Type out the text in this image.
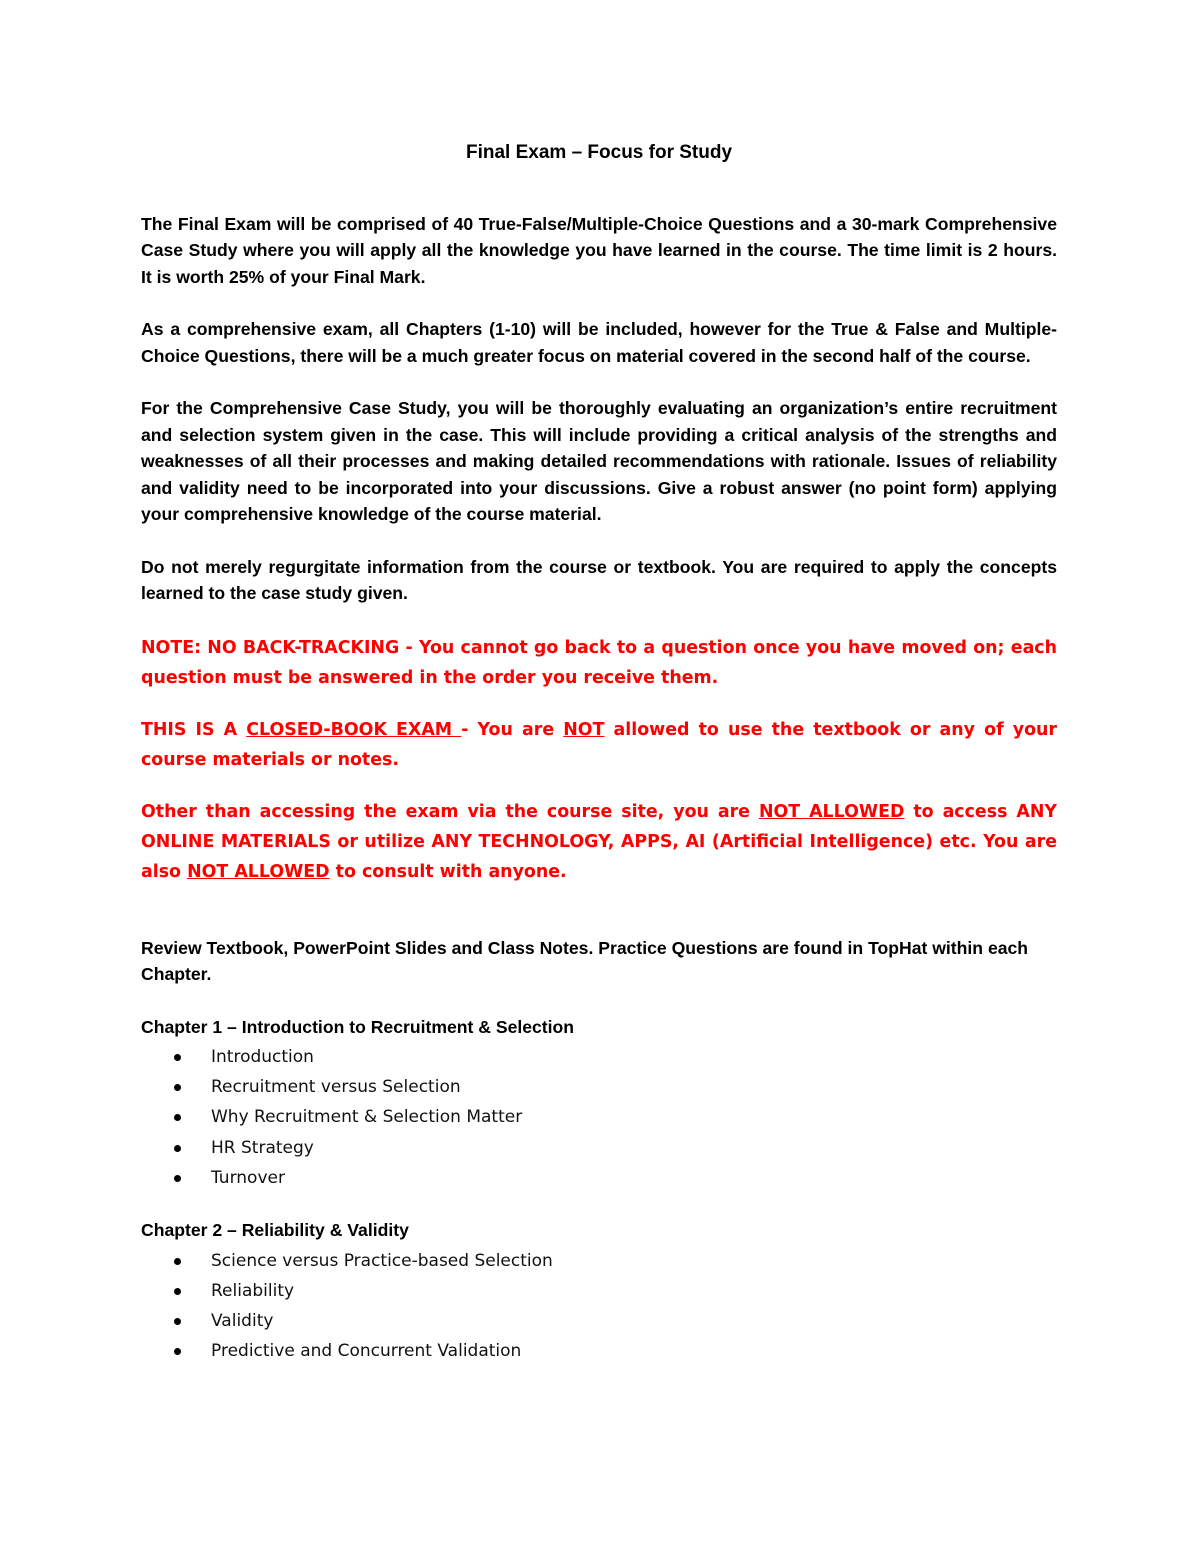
Final Exam – Focus for Study

The Final Exam will be comprised of 40 True-False/Multiple-Choice Questions and a 30-mark Comprehensive Case Study where you will apply all the knowledge you have learned in the course. The time limit is 2 hours. It is worth 25% of your Final Mark.

As a comprehensive exam, all Chapters (1-10) will be included, however for the True & False and Multiple-Choice Questions, there will be a much greater focus on material covered in the second half of the course.

For the Comprehensive Case Study, you will be thoroughly evaluating an organization’s entire recruitment and selection system given in the case. This will include providing a critical analysis of the strengths and weaknesses of all their processes and making detailed recommendations with rationale. Issues of reliability and validity need to be incorporated into your discussions. Give a robust answer (no point form) applying your comprehensive knowledge of the course material.

Do not merely regurgitate information from the course or textbook. You are required to apply the concepts learned to the case study given.

NOTE: NO BACK-TRACKING - You cannot go back to a question once you have moved on; each question must be answered in the order you receive them.

THIS IS A CLOSED-BOOK EXAM - You are NOT allowed to use the textbook or any of your course materials or notes.

Other than accessing the exam via the course site, you are NOT ALLOWED to access ANY ONLINE MATERIALS or utilize ANY TECHNOLOGY, APPS, AI (Artificial Intelligence) etc. You are also NOT ALLOWED to consult with anyone.

Review Textbook, PowerPoint Slides and Class Notes. Practice Questions are found in TopHat within each Chapter.

Chapter 1 – Introduction to Recruitment & Selection
Introduction
Recruitment versus Selection
Why Recruitment & Selection Matter
HR Strategy
Turnover
Chapter 2 – Reliability & Validity
Science versus Practice-based Selection
Reliability
Validity
Predictive and Concurrent Validation
